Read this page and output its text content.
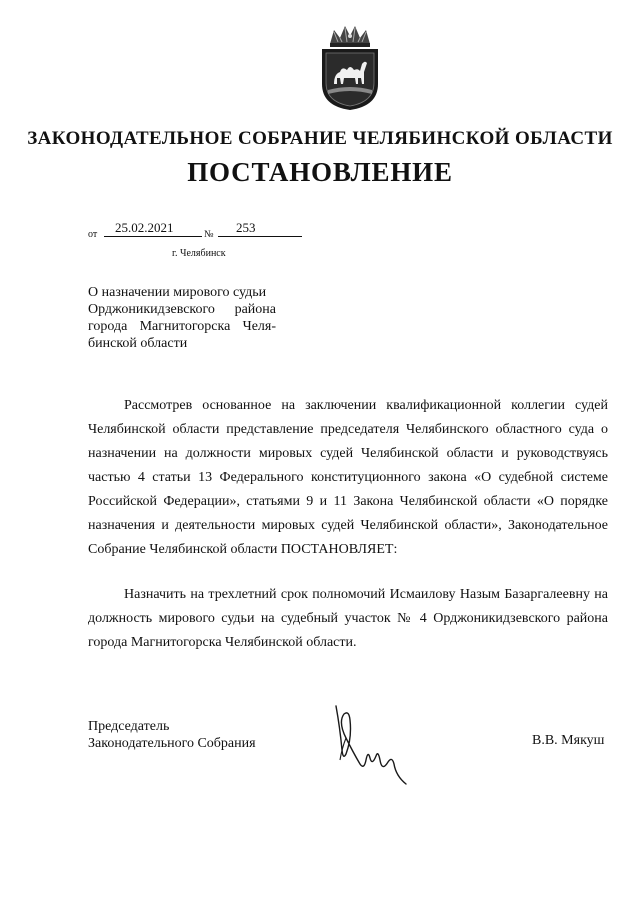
ЗАКОНОДАТЕЛЬНОЕ СОБРАНИЕ ЧЕЛЯБИНСКОЙ ОБЛАСТИ
ПОСТАНОВЛЕНИЕ
от 25.02.2021	№ 253
г. Челябинск
О назначении мирового судьи
Орджоникидзевского района
города Магнитогорска Челя-
бинской области
Рассмотрев основанное на заключении квалификационной коллегии судей Челябинской области представление председателя Челябинского областного суда о назначении на должности мировых судей Челябинской области и руководствуясь частью 4 статьи 13 Федерального конституционного закона «О судебной системе Российской Федерации», статьями 9 и 11 Закона Челябинской области «О порядке назначения и деятельности мировых судей Челябинской области», Законодательное Собрание Челябинской области ПОСТАНОВЛЯЕТ:
Назначить на трехлетний срок полномочий Исмаилову Назым Базаргалеевну на должность мирового судьи на судебный участок № 4 Орджоникидзевского района города Магнитогорска Челябинской области.
Председатель
Законодательного Собрания	В.В. Мякуш
